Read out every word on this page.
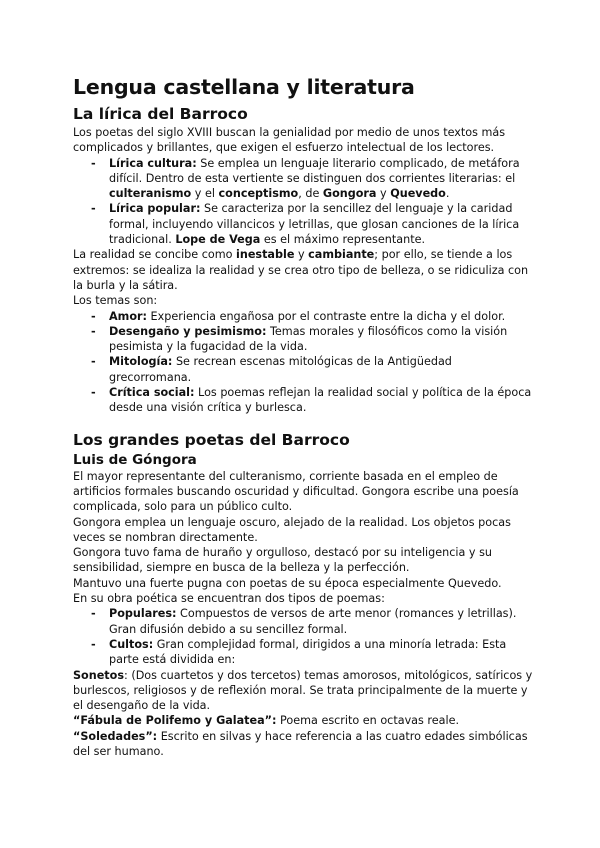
Lengua castellana y literatura
La lírica del Barroco

Los poetas del siglo XVIII buscan la genialidad por medio de unos textos más complicados y brillantes, que exigen el esfuerzo intelectual de los lectores.

- Lírica cultura: Se emplea un lenguaje literario complicado, de metáfora difícil. Dentro de esta vertiente se distinguen dos corrientes literarias: el culteranismo y el conceptismo, de Gongora y Quevedo.
- Lírica popular: Se caracteriza por la sencillez del lenguaje y la caridad formal, incluyendo villancicos y letrillas, que glosan canciones de la lírica tradicional. Lope de Vega es el máximo representante.

La realidad se concibe como inestable y cambiante; por ello, se tiende a los extremos: se idealiza la realidad y se crea otro tipo de belleza, o se ridiculiza con la burla y la sátira.

Los temas son:

- Amor: Experiencia engañosa por el contraste entre la dicha y el dolor.
- Desengaño y pesimismo: Temas morales y filosóficos como la visión pesimista y la fugacidad de la vida.
- Mitología: Se recrean escenas mitológicas de la Antigüedad grecorromana.
- Crítica social: Los poemas reflejan la realidad social y política de la época desde una visión crítica y burlesca.
Los grandes poetas del Barroco
Luis de Góngora

El mayor representante del culteranismo, corriente basada en el empleo de artificios formales buscando oscuridad y dificultad. Gongora escribe una poesía complicada, solo para un público culto.

Gongora emplea un lenguaje oscuro, alejado de la realidad. Los objetos pocas veces se nombran directamente.

Gongora tuvo fama de huraño y orgulloso, destacó por su inteligencia y su sensibilidad, siempre en busca de la belleza y la perfección.

Mantuvo una fuerte pugna con poetas de su época especialmente Quevedo.

En su obra poética se encuentran dos tipos de poemas:

- Populares: Compuestos de versos de arte menor (romances y letrillas). Gran difusión debido a su sencillez formal.
- Cultos: Gran complejidad formal, dirigidos a una minoría letrada: Esta parte está dividida en:

Sonetos: (Dos cuartetos y dos tercetos) temas amorosos, mitológicos, satíricos y burlescos, religiosos y de reflexión moral. Se trata principalmente de la muerte y el desengaño de la vida.

“Fábula de Polifemo y Galatea”: Poema escrito en octavas reale.

“Soledades”: Escrito en silvas y hace referencia a las cuatro edades simbólicas del ser humano.
